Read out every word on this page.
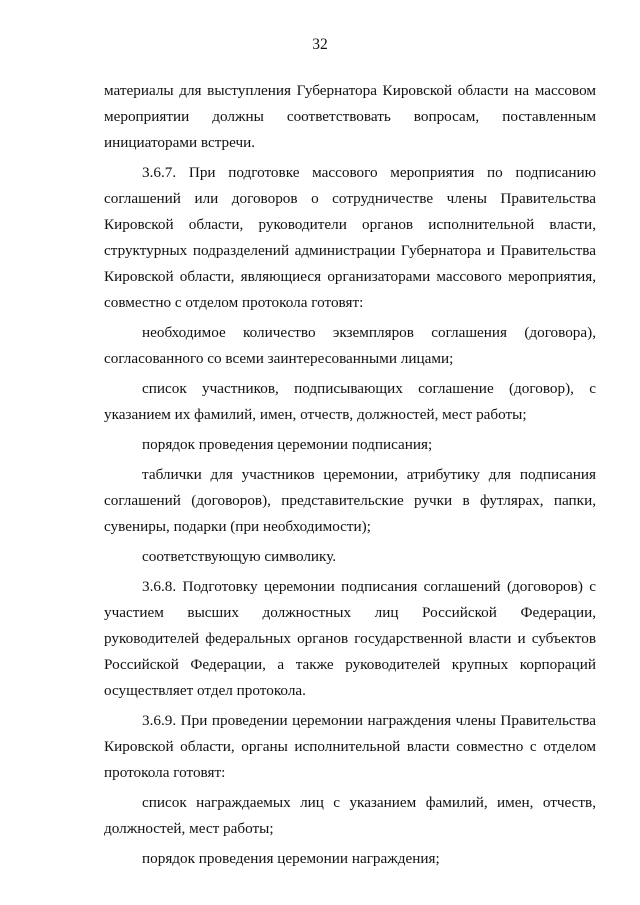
32

материалы для выступления Губернатора Кировской области на массовом мероприятии должны соответствовать вопросам, поставленным инициаторами встречи.

3.6.7. При подготовке массового мероприятия по подписанию соглашений или договоров о сотрудничестве члены Правительства Кировской области, руководители органов исполнительной власти, структурных подразделений администрации Губернатора и Правительства Кировской области, являющиеся организаторами массового мероприятия, совместно с отделом протокола готовят:

необходимое количество экземпляров соглашения (договора), согласованного со всеми заинтересованными лицами;

список участников, подписывающих соглашение (договор), с указанием их фамилий, имен, отчеств, должностей, мест работы;

порядок проведения церемонии подписания;

таблички для участников церемонии, атрибутику для подписания соглашений (договоров), представительские ручки в футлярах, папки, сувениры, подарки (при необходимости);

соответствующую символику.

3.6.8. Подготовку церемонии подписания соглашений (договоров) с участием высших должностных лиц Российской Федерации, руководителей федеральных органов государственной власти и субъектов Российской Федерации, а также руководителей крупных корпораций осуществляет отдел протокола.

3.6.9. При проведении церемонии награждения члены Правительства Кировской области, органы исполнительной власти совместно с отделом протокола готовят:

список награждаемых лиц с указанием фамилий, имен, отчеств, должностей, мест работы;

порядок проведения церемонии награждения;
